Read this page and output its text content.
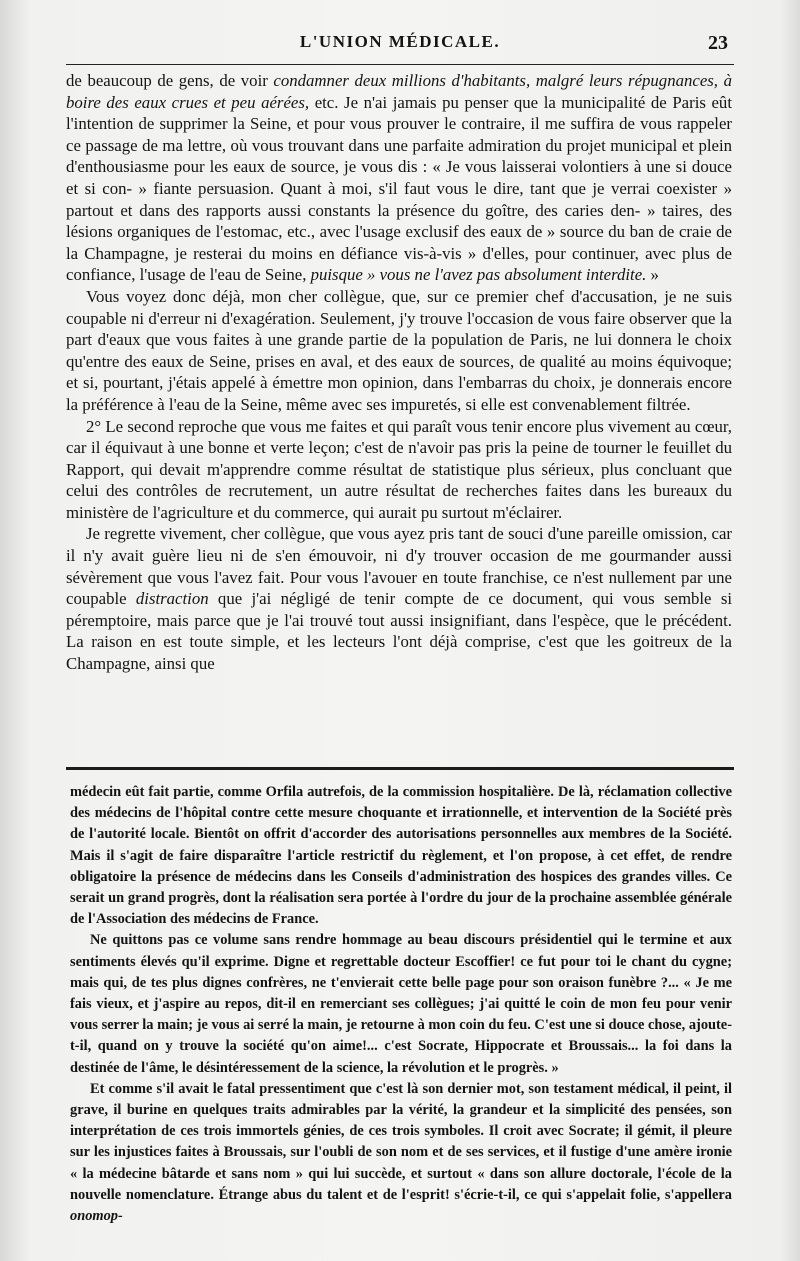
L'UNION MÉDICALE.	23

de beaucoup de gens, de voir condamner deux millions d'habitants, malgré leurs répugnances, à boire des eaux crues et peu aérées, etc. Je n'ai jamais pu penser que la municipalité de Paris eût l'intention de supprimer la Seine, et pour vous prouver le contraire, il me suffira de vous rappeler ce passage de ma lettre, où vous trouvant dans une parfaite admiration du projet municipal et plein d'enthousiasme pour les eaux de source, je vous dis : « Je vous laisserai volontiers à une si douce et si con- » fiante persuasion. Quant à moi, s'il faut vous le dire, tant que je verrai coexister » partout et dans des rapports aussi constants la présence du goître, des caries den- » taires, des lésions organiques de l'estomac, etc., avec l'usage exclusif des eaux de » source du ban de craie de la Champagne, je resterai du moins en défiance vis-à-vis » d'elles, pour continuer, avec plus de confiance, l'usage de l'eau de Seine, puisque » vous ne l'avez pas absolument interdite. »

Vous voyez donc déjà, mon cher collègue, que, sur ce premier chef d'accusation, je ne suis coupable ni d'erreur ni d'exagération. Seulement, j'y trouve l'occasion de vous faire observer que la part d'eaux que vous faites à une grande partie de la population de Paris, ne lui donnera le choix qu'entre des eaux de Seine, prises en aval, et des eaux de sources, de qualité au moins équivoque; et si, pourtant, j'étais appelé à émettre mon opinion, dans l'embarras du choix, je donnerais encore la préférence à l'eau de la Seine, même avec ses impuretés, si elle est convenablement filtrée.

2° Le second reproche que vous me faites et qui paraît vous tenir encore plus vivement au cœur, car il équivaut à une bonne et verte leçon; c'est de n'avoir pas pris la peine de tourner le feuillet du Rapport, qui devait m'apprendre comme résultat de statistique plus sérieux, plus concluant que celui des contrôles de recrutement, un autre résultat de recherches faites dans les bureaux du ministère de l'agriculture et du commerce, qui aurait pu surtout m'éclairer.

Je regrette vivement, cher collègue, que vous ayez pris tant de souci d'une pareille omission, car il n'y avait guère lieu ni de s'en émouvoir, ni d'y trouver occasion de me gourmander aussi sévèrement que vous l'avez fait. Pour vous l'avouer en toute franchise, ce n'est nullement par une coupable distraction que j'ai négligé de tenir compte de ce document, qui vous semble si péremptoire, mais parce que je l'ai trouvé tout aussi insignifiant, dans l'espèce, que le précédent. La raison en est toute simple, et les lecteurs l'ont déjà comprise, c'est que les goitreux de la Champagne, ainsi que

médecin eût fait partie, comme Orfila autrefois, de la commission hospitalière. De là, réclamation collective des médecins de l'hôpital contre cette mesure choquante et irrationnelle, et intervention de la Société près de l'autorité locale. Bientôt on offrit d'accorder des autorisations personnelles aux membres de la Société. Mais il s'agit de faire disparaître l'article restrictif du règlement, et l'on propose, à cet effet, de rendre obligatoire la présence de médecins dans les Conseils d'administration des hospices des grandes villes. Ce serait un grand progrès, dont la réalisation sera portée à l'ordre du jour de la prochaine assemblée générale de l'Association des médecins de France.

Ne quittons pas ce volume sans rendre hommage au beau discours présidentiel qui le termine et aux sentiments élevés qu'il exprime. Digne et regrettable docteur Escoffier! ce fut pour toi le chant du cygne; mais qui, de tes plus dignes confrères, ne t'envierait cette belle page pour son oraison funèbre ?... « Je me fais vieux, et j'aspire au repos, dit-il en remerciant ses collègues; j'ai quitté le coin de mon feu pour venir vous serrer la main; je vous ai serré la main, je retourne à mon coin du feu. C'est une si douce chose, ajoute-t-il, quand on y trouve la société qu'on aime!... c'est Socrate, Hippocrate et Broussais... la foi dans la destinée de l'âme, le désintéressement de la science, la révolution et le progrès. »

Et comme s'il avait le fatal pressentiment que c'est là son dernier mot, son testament médical, il peint, il grave, il burine en quelques traits admirables par la vérité, la grandeur et la simplicité des pensées, son interprétation de ces trois immortels génies, de ces trois symboles. Il croit avec Socrate; il gémit, il pleure sur les injustices faites à Broussais, sur l'oubli de son nom et de ses services, et il fustige d'une amère ironie « la médecine bâtarde et sans nom » qui lui succède, et surtout « dans son allure doctorale, l'école de la nouvelle nomenclature. Étrange abus du talent et de l'esprit! s'écrie-t-il, ce qui s'appelait folie, s'appellera onomop-
